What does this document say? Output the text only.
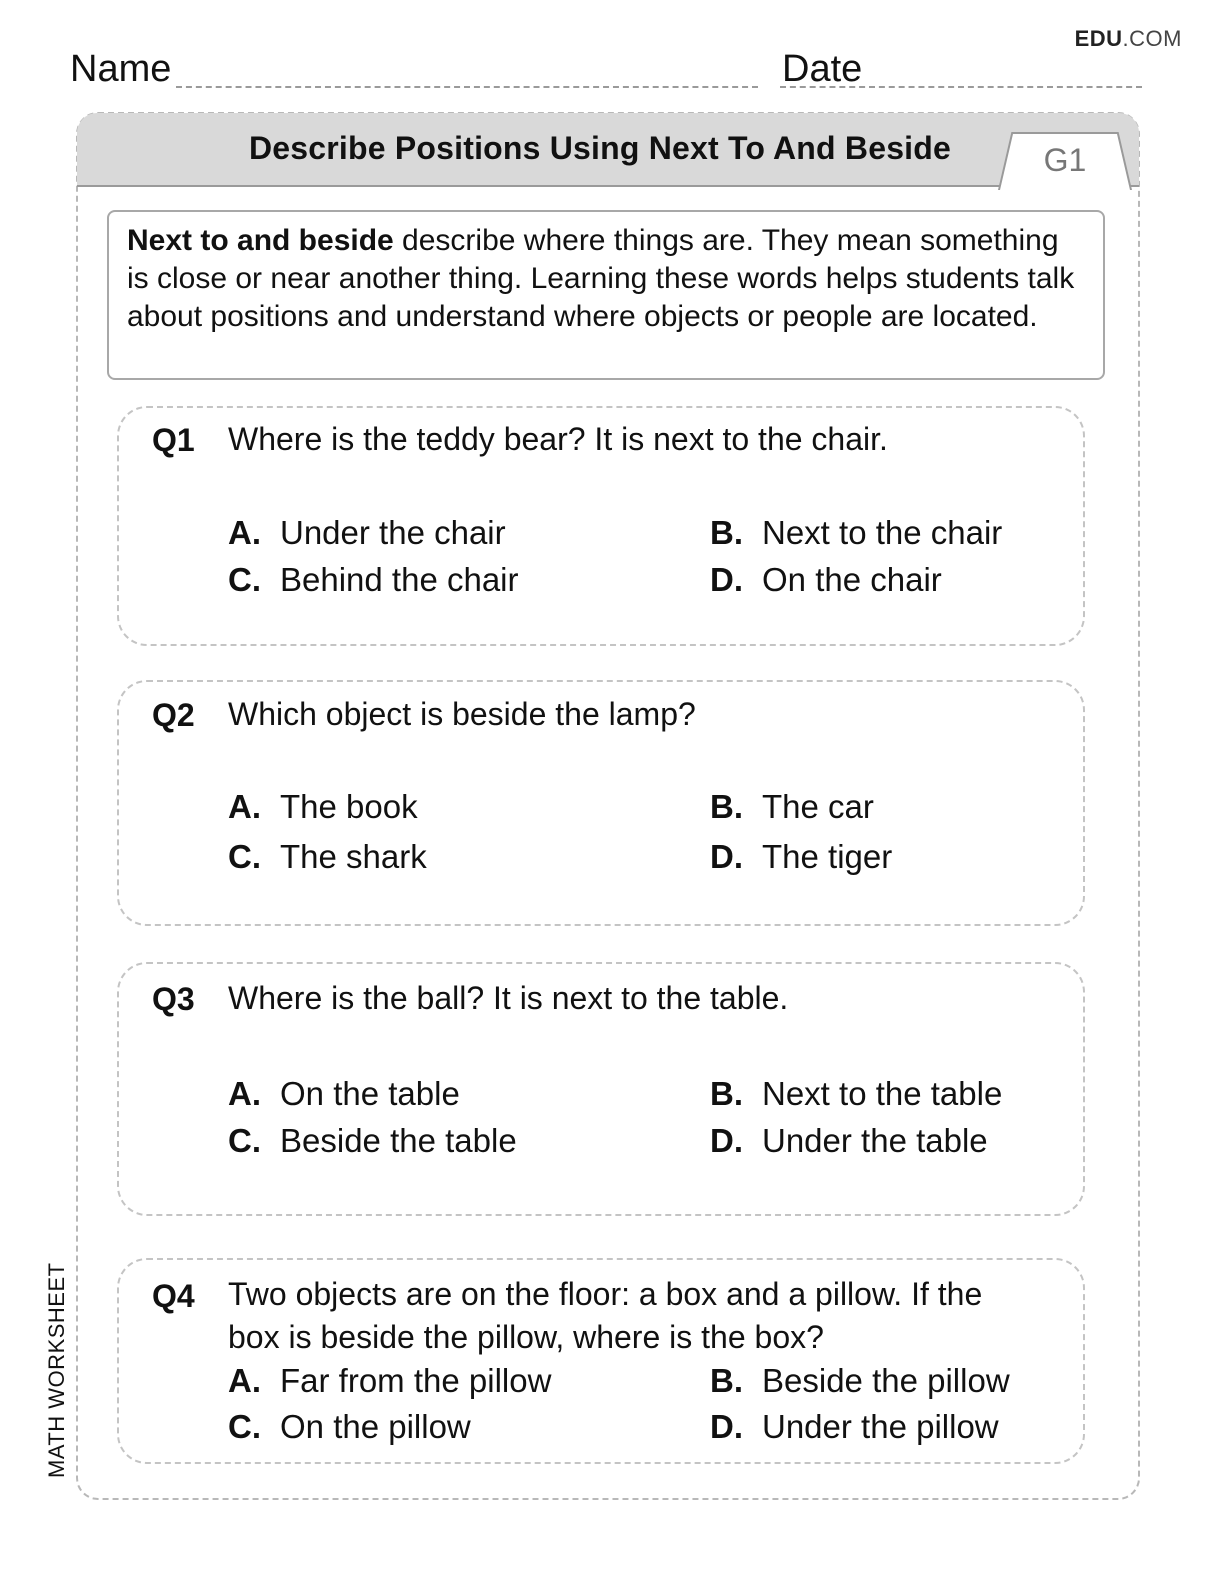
EDU.COM
Name	Date
Describe Positions Using Next To And Beside	G1
Next to and beside describe where things are. They mean something is close or near another thing. Learning these words helps students talk about positions and understand where objects or people are located.
Q1 Where is the teddy bear? It is next to the chair.
A. Under the chair	B. Next to the chair
C. Behind the chair	D. On the chair
Q2 Which object is beside the lamp?
A. The book	B. The car
C. The shark	D. The tiger
Q3 Where is the ball? It is next to the table.
A. On the table	B. Next to the table
C. Beside the table	D. Under the table
Q4 Two objects are on the floor: a box and a pillow. If the box is beside the pillow, where is the box?
A. Far from the pillow	B. Beside the pillow
C. On the pillow	D. Under the pillow
MATH WORKSHEET
